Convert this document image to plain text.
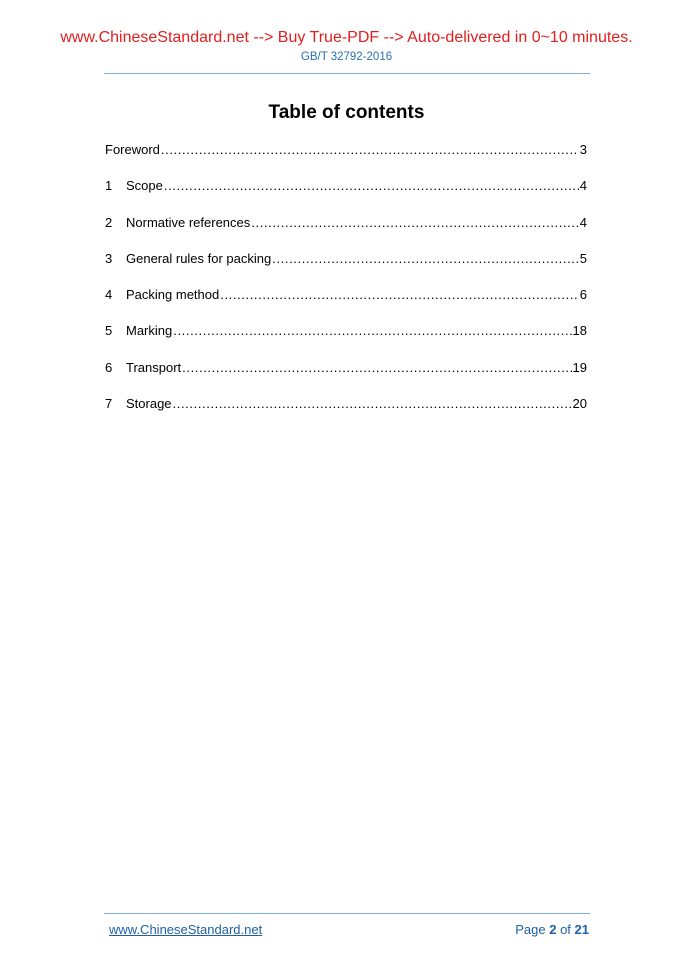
www.ChineseStandard.net --> Buy True-PDF --> Auto-delivered in 0~10 minutes.
GB/T 32792-2016
Table of contents
Foreword .....	3
1	Scope .....	4
2	Normative references .....	4
3	General rules for packing .....	5
4	Packing method .....	6
5	Marking .....	18
6	Transport .....	19
7	Storage .....	20
www.ChineseStandard.net	Page 2 of 21
